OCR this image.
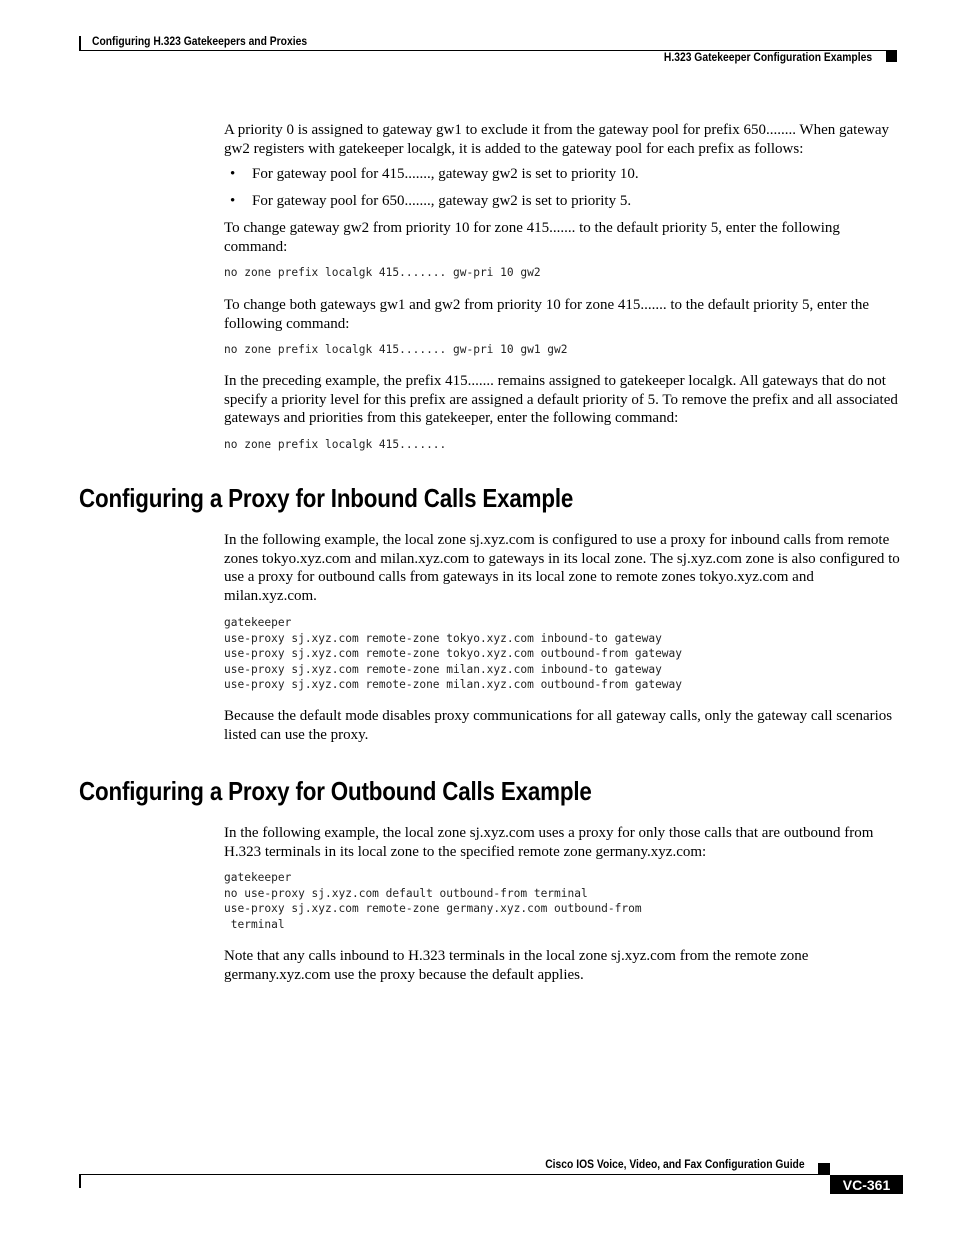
Configuring H.323 Gatekeepers and Proxies
H.323 Gatekeeper Configuration Examples

A priority 0 is assigned to gateway gw1 to exclude it from the gateway pool for prefix 650........ When gateway gw2 registers with gatekeeper localgk, it is added to the gateway pool for each prefix as follows:

• For gateway pool for 415......., gateway gw2 is set to priority 10.
• For gateway pool for 650......., gateway gw2 is set to priority 5.

To change gateway gw2 from priority 10 for zone 415....... to the default priority 5, enter the following command:

no zone prefix localgk 415....... gw-pri 10 gw2

To change both gateways gw1 and gw2 from priority 10 for zone 415....... to the default priority 5, enter the following command:

no zone prefix localgk 415....... gw-pri 10 gw1 gw2

In the preceding example, the prefix 415....... remains assigned to gatekeeper localgk. All gateways that do not specify a priority level for this prefix are assigned a default priority of 5. To remove the prefix and all associated gateways and priorities from this gatekeeper, enter the following command:

no zone prefix localgk 415.......
Configuring a Proxy for Inbound Calls Example

In the following example, the local zone sj.xyz.com is configured to use a proxy for inbound calls from remote zones tokyo.xyz.com and milan.xyz.com to gateways in its local zone. The sj.xyz.com zone is also configured to use a proxy for outbound calls from gateways in its local zone to remote zones tokyo.xyz.com and milan.xyz.com.

gatekeeper
use-proxy sj.xyz.com remote-zone tokyo.xyz.com inbound-to gateway
use-proxy sj.xyz.com remote-zone tokyo.xyz.com outbound-from gateway
use-proxy sj.xyz.com remote-zone milan.xyz.com inbound-to gateway
use-proxy sj.xyz.com remote-zone milan.xyz.com outbound-from gateway

Because the default mode disables proxy communications for all gateway calls, only the gateway call scenarios listed can use the proxy.

Configuring a Proxy for Outbound Calls Example

In the following example, the local zone sj.xyz.com uses a proxy for only those calls that are outbound from H.323 terminals in its local zone to the specified remote zone germany.xyz.com:

gatekeeper
no use-proxy sj.xyz.com default outbound-from terminal
use-proxy sj.xyz.com remote-zone germany.xyz.com outbound-from
terminal

Note that any calls inbound to H.323 terminals in the local zone sj.xyz.com from the remote zone germany.xyz.com use the proxy because the default applies.

Cisco IOS Voice, Video, and Fax Configuration Guide
VC-361
